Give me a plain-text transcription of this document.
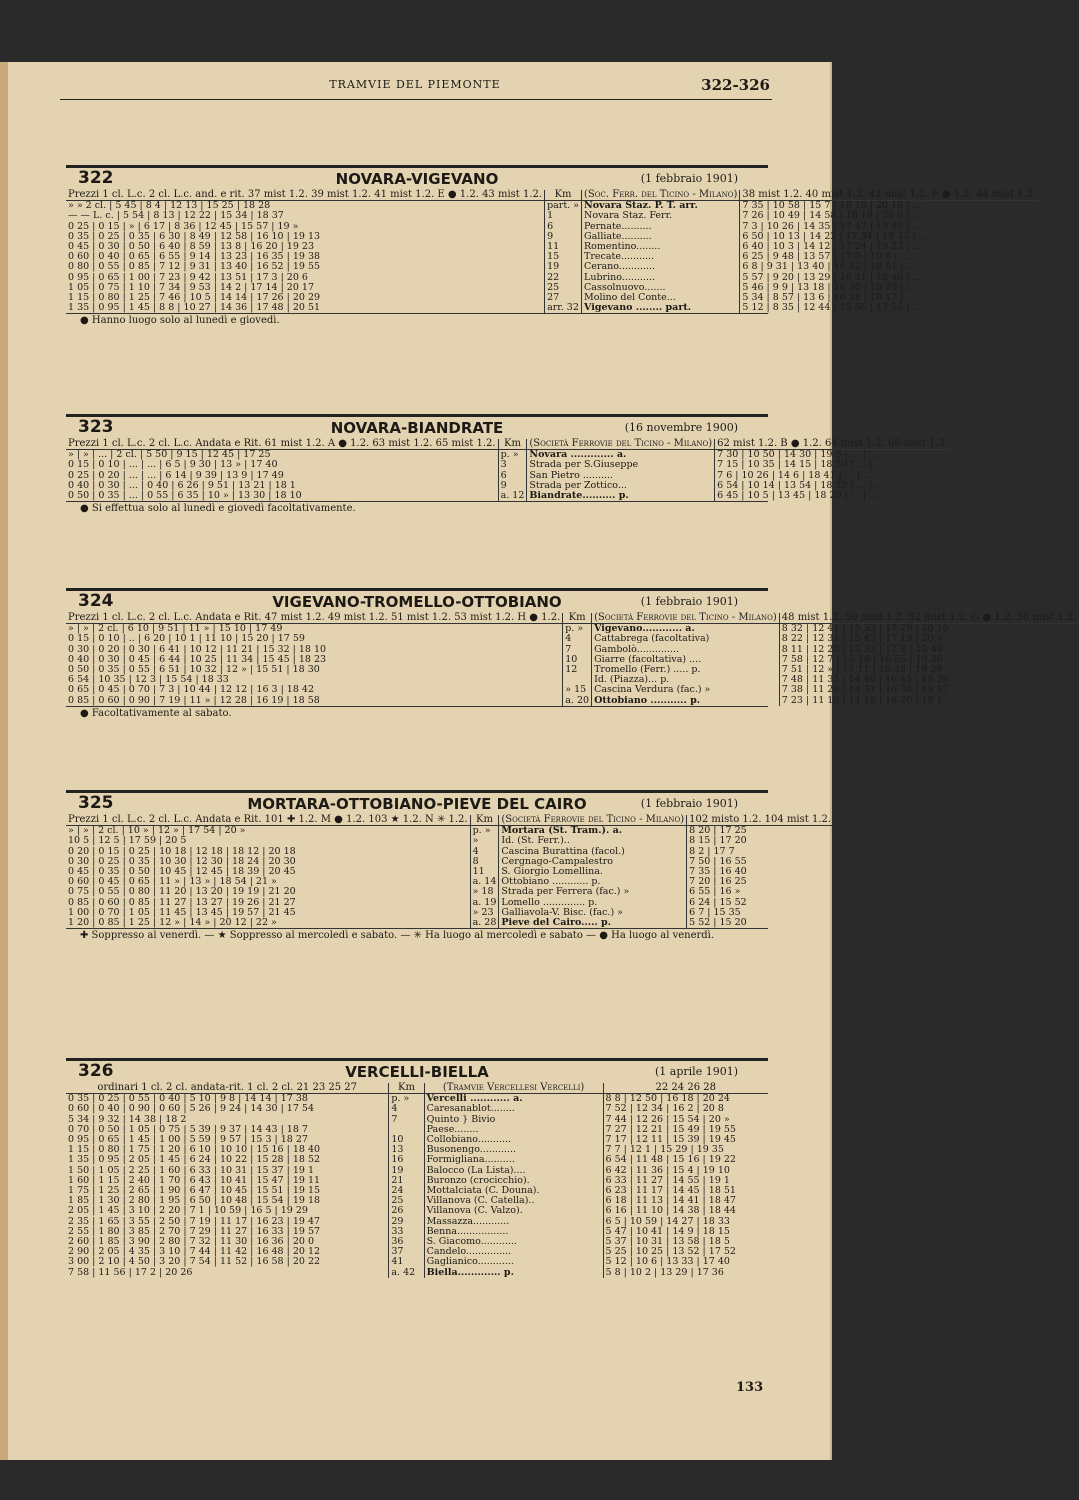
TRAMVIE DEL PIEMONTE	322-326
322	NOVARA-VIGEVANO	(1 febbraio 1901)
Prezzi 1 cl. L.c. 2 cl. L.c. and. e rit. 37 mist 1.2. 39 mist 1.2. 41 mist 1.2. E ● 1.2. 43 mist 1.2.	Km	(Soc. Ferr. del Ticino - Milano)	38 mist 1.2. 40 mist 1.2. 42 mist 1.2. F ● 1.2. 44 mist 1.2.
» » 2 cl. | 5 45 | 8 4 | 12 13 | 15 25 | 18 28	part. »	Novara Staz. P. T. arr.	7 35 | 10 58 | 15 7 | 18 19 | 20 18 | ...
— — L. c. | 5 54 | 8 13 | 12 22 | 15 34 | 18 37	1	Novara Staz. Ferr.	7 26 | 10 49 | 14 58 | 18 10 | 20 9 | ...
0 25 | 0 15 | » | 6 17 | 8 36 | 12 45 | 15 57 | 19 »	6	Pernate..........	7 3 | 10 26 | 14 35 | 17 47 | 19 46 | ...
0 35 | 0 25 | 0 35 | 6 30 | 8 49 | 12 58 | 16 10 | 19 13	9	Galliate..........	6 50 | 10 13 | 14 22 | 17 34 | 19 33 | ...
0 45 | 0 30 | 0 50 | 6 40 | 8 59 | 13 8 | 16 20 | 19 23	11	Romentino........	6 40 | 10 3 | 14 12 | 17 24 | 19 23 | ...
0 60 | 0 40 | 0 65 | 6 55 | 9 14 | 13 23 | 16 35 | 19 38	15	Trecate...........	6 25 | 9 48 | 13 57 | 17 9 | 19 8 | ...
0 80 | 0 55 | 0 85 | 7 12 | 9 31 | 13 40 | 16 52 | 19 55	19	Cerano............	6 8 | 9 31 | 13 40 | 16 52 | 18 51 | ...
0 95 | 0 65 | 1 00 | 7 23 | 9 42 | 13 51 | 17 3 | 20 6	22	Lubrino...........	5 57 | 9 20 | 13 29 | 16 41 | 18 40 | ...
1 05 | 0 75 | 1 10 | 7 34 | 9 53 | 14 2 | 17 14 | 20 17	25	Cassolnuovo.......	5 46 | 9 9 | 13 18 | 16 30 | 18 29 | ...
1 15 | 0 80 | 1 25 | 7 46 | 10 5 | 14 14 | 17 26 | 20 29	27	Molino del Conte...	5 34 | 8 57 | 13 6 | 16 18 | 18 17 | ...
1 35 | 0 95 | 1 45 | 8 8 | 10 27 | 14 36 | 17 48 | 20 51	arr. 32	Vigevano ........ part.	5 12 | 8 35 | 12 44 | 15 56 | 17 55 | ...
● Hanno luogo solo al lunedì e giovedì.
323	NOVARA-BIANDRATE	(16 novembre 1900)
Prezzi 1 cl. L.c. 2 cl. L.c. Andata e Rit. 61 mist 1.2. A ● 1.2. 63 mist 1.2. 65 mist 1.2.	Km	(Società Ferrovie del Ticino - Milano)	62 mist 1.2. B ● 1.2. 64 mist 1.2. 66 mist 1.2.
» | » | ... | 2 cl. | 5 50 | 9 15 | 12 45 | 17 25	p. »	Novara ............. a.	7 30 | 10 50 | 14 30 | 19 5 | ... | ...
0 15 | 0 10 | ... | ... | 6 5 | 9 30 | 13 » | 17 40	3	Strada per S.Giuseppe	7 15 | 10 35 | 14 15 | 18 50 | ... | ...
0 25 | 0 20 | ... | ... | 6 14 | 9 39 | 13 9 | 17 49	6	San Pietro ..........	7 6 | 10 26 | 14 6 | 18 41 | ... | ...
0 40 | 0 30 | ... | 0 40 | 6 26 | 9 51 | 13 21 | 18 1	9	Strada per Zottico...	6 54 | 10 14 | 13 54 | 18 29 | ... | ...
0 50 | 0 35 | ... | 0 55 | 6 35 | 10 » | 13 30 | 18 10	a. 12	Biandrate.......... p.	6 45 | 10 5 | 13 45 | 18 20 | ... | ...
● Si effettua solo al lunedì e giovedì facoltativamente.
324	VIGEVANO-TROMELLO-OTTOBIANO	(1 febbraio 1901)
Prezzi 1 cl. L.c. 2 cl. L.c. Andata e Rit. 47 mist 1.2. 49 mist 1.2. 51 mist 1.2. 53 mist 1.2. H ● 1.2.	Km	(Società Ferrovie del Ticino - Milano)	48 mist 1.2. 50 mist 1.2. 52 mist 1.2. G ● 1.2. 56 mist 1.2.
» | » | 2 cl. | 6 10 | 9 51 | 11 » | 15 10 | 17 49	p. »	Vigevano............ a.	8 32 | 12 41 | 15 53 | 17 29 | 20 10
0 15 | 0 10 | .. | 6 20 | 10 1 | 11 10 | 15 20 | 17 59	4	Cattabrega (facoltativa)	8 22 | 12 31 | 15 43 | 17 19 | 20 »
0 30 | 0 20 | 0 30 | 6 41 | 10 12 | 11 21 | 15 32 | 18 10	7	Gambolò..............	8 11 | 12 20 | 15 32 | 17 8 | 19 49
0 40 | 0 30 | 0 45 | 6 44 | 10 25 | 11 34 | 15 45 | 18 23	10	Giarre (facoltativa) ....	7 58 | 12 7 | 15 18 | 16 55 | 19 36
0 50 | 0 35 | 0 55 | 6 51 | 10 32 | 12 » | 15 51 | 18 30	12	Tromello (Ferr.) ..... p.	7 51 | 12 » | 15 11 | 16 48 | 19 29
6 54 | 10 35 | 12 3 | 15 54 | 18 33		Id. (Piazza)... p.	7 48 | 11 35 | 14 40 | 16 45 | 19 26
0 65 | 0 45 | 0 70 | 7 3 | 10 44 | 12 12 | 16 3 | 18 42	» 15	Cascina Verdura (fac.) »	7 38 | 11 26 | 14 31 | 16 36 | 19 17
0 85 | 0 60 | 0 90 | 7 19 | 11 » | 12 28 | 16 19 | 18 58	a. 20	Ottobiano ........... p.	7 23 | 11 10 | 14 15 | 16 20 | 19 1
● Facoltativamente al sabato.
325	MORTARA-OTTOBIANO-PIEVE DEL CAIRO	(1 febbraio 1901)
Prezzi 1 cl. L.c. 2 cl. L.c. Andata e Rit. 101 ✚ 1.2. M ● 1.2. 103 ★ 1.2. N ✳ 1.2.	Km	(Società Ferrovie del Ticino - Milano)	102 misto 1.2. 104 mist 1.2.
» | » | 2 cl. | 10 » | 12 » | 17 54 | 20 »	p. »	Mortara (St. Tram.). a.	8 20 | 17 25
10 5 | 12 5 | 17 59 | 20 5	»	Id. (St. Ferr.)..	8 15 | 17 20
0 20 | 0 15 | 0 25 | 10 18 | 12 18 | 18 12 | 20 18	4	Cascina Burattina (facol.)	8 2 | 17 7
0 30 | 0 25 | 0 35 | 10 30 | 12 30 | 18 24 | 20 30	8	Cergnago-Campalestro	7 50 | 16 55
0 45 | 0 35 | 0 50 | 10 45 | 12 45 | 18 39 | 20 45	11	S. Giorgio Lomellina.	7 35 | 16 40
0 60 | 0 45 | 0 65 | 11 » | 13 » | 18 54 | 21 »	a. 14	Ottobiano ............ p.	7 20 | 16 25
0 75 | 0 55 | 0 80 | 11 20 | 13 20 | 19 19 | 21 20	» 18	Strada per Ferrera (fac.) »	6 55 | 16 »
0 85 | 0 60 | 0 85 | 11 27 | 13 27 | 19 26 | 21 27	a. 19	Lomello .............. p.	6 24 | 15 52
1 00 | 0 70 | 1 05 | 11 45 | 13 45 | 19 57 | 21 45	» 23	Galliavola-V. Bisc. (fac.) »	6 7 | 15 35
1 20 | 0 85 | 1 25 | 12 » | 14 » | 20 12 | 22 »	a. 28	Pieve del Cairo..... p.	5 52 | 15 20
✚ Soppresso al venerdì. — ★ Soppresso al mercoledì e sabato. — ✳ Ha luogo al mercoledì e sabato — ● Ha luogo al venerdì.
326	VERCELLI-BIELLA	(1 aprile 1901)
ordinari 1 cl. 2 cl. andata-rit. 1 cl. 2 cl. 21 23 25 27	Km	(Tramvie Vercellesi Vercelli)	22 24 26 28
0 35 | 0 25 | 0 55 | 0 40 | 5 10 | 9 8 | 14 14 | 17 38	p. »	Vercelli ............ a.	8 8 | 12 50 | 16 18 | 20 24
0 60 | 0 40 | 0 90 | 0 60 | 5 26 | 9 24 | 14 30 | 17 54	4	Caresanablot........	7 52 | 12 34 | 16 2 | 20 8
5 34 | 9 32 | 14 38 | 18 2	7	Quinto } Bivio	7 44 | 12 26 | 15 54 | 20 »
0 70 | 0 50 | 1 05 | 0 75 | 5 39 | 9 37 | 14 43 | 18 7		Paese........	7 27 | 12 21 | 15 49 | 19 55
0 95 | 0 65 | 1 45 | 1 00 | 5 59 | 9 57 | 15 3 | 18 27	10	Collobiano...........	7 17 | 12 11 | 15 39 | 19 45
1 15 | 0 80 | 1 75 | 1 20 | 6 10 | 10 10 | 15 16 | 18 40	13	Busonengo............	7 7 | 12 1 | 15 29 | 19 35
1 35 | 0 95 | 2 05 | 1 45 | 6 24 | 10 22 | 15 28 | 18 52	16	Formigliana..........	6 54 | 11 48 | 15 16 | 19 22
1 50 | 1 05 | 2 25 | 1 60 | 6 33 | 10 31 | 15 37 | 19 1	19	Balocco (La Lista)....	6 42 | 11 36 | 15 4 | 19 10
1 60 | 1 15 | 2 40 | 1 70 | 6 43 | 10 41 | 15 47 | 19 11	21	Buronzo (crocicchio).	6 33 | 11 27 | 14 55 | 19 1
1 75 | 1 25 | 2 65 | 1 90 | 6 47 | 10 45 | 15 51 | 19 15	24	Mottalciata (C. Douna).	6 23 | 11 17 | 14 45 | 18 51
1 85 | 1 30 | 2 80 | 1 95 | 6 50 | 10 48 | 15 54 | 19 18	25	Villanova (C. Catella)..	6 18 | 11 13 | 14 41 | 18 47
2 05 | 1 45 | 3 10 | 2 20 | 7 1 | 10 59 | 16 5 | 19 29	26	Villanova (C. Valzo).	6 16 | 11 10 | 14 38 | 18 44
2 35 | 1 65 | 3 55 | 2 50 | 7 19 | 11 17 | 16 23 | 19 47	29	Massazza............	6 5 | 10 59 | 14 27 | 18 33
2 55 | 1 80 | 3 85 | 2 70 | 7 29 | 11 27 | 16 33 | 19 57	33	Benna.................	5 47 | 10 41 | 14 9 | 18 15
2 60 | 1 85 | 3 90 | 2 80 | 7 32 | 11 30 | 16 36 | 20 0	36	S. Giacomo............	5 37 | 10 31 | 13 58 | 18 5
2 90 | 2 05 | 4 35 | 3 10 | 7 44 | 11 42 | 16 48 | 20 12	37	Candelo...............	5 25 | 10 25 | 13 52 | 17 52
3 00 | 2 10 | 4 50 | 3 20 | 7 54 | 11 52 | 16 58 | 20 22	41	Gaglianico............	5 12 | 10 6 | 13 33 | 17 40
7 58 | 11 56 | 17 2 | 20 26	a. 42	Biella............. p.	5 8 | 10 2 | 13 29 | 17 36
133
